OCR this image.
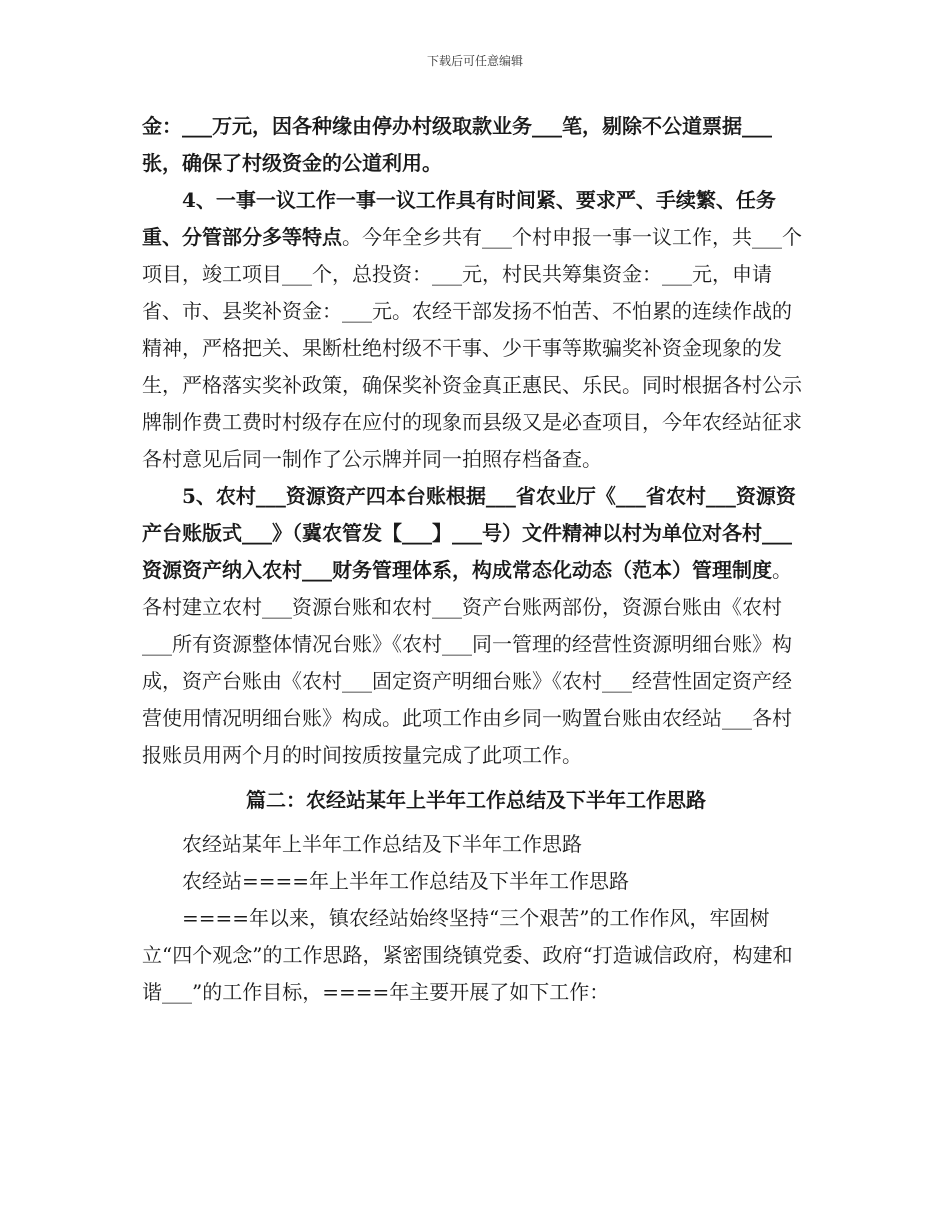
下载后可任意编辑

金：___万元，因各种缘由停办村级取款业务___笔，剔除不公道票据___张，确保了村级资金的公道利用。

4、一事一议工作一事一议工作具有时间紧、要求严、手续繁、任务重、分管部分多等特点。今年全乡共有___个村申报一事一议工作，共___个项目，竣工项目___个，总投资：___元，村民共筹集资金：___元，申请省、市、县奖补资金：___元。农经干部发扬不怕苦、不怕累的连续作战的精神，严格把关、果断杜绝村级不干事、少干事等欺骗奖补资金现象的发生，严格落实奖补政策，确保奖补资金真正惠民、乐民。同时根据各村公示牌制作费工费时村级存在应付的现象而县级又是必查项目，今年农经站征求各村意见后同一制作了公示牌并同一拍照存档备查。

5、农村___资源资产四本台账根据___省农业厅《___省农村___资源资产台账版式___》（冀农管发【___】___号）文件精神以村为单位对各村___资源资产纳入农村___财务管理体系，构成常态化动态（范本）管理制度。各村建立农村___资源台账和农村___资产台账两部份，资源台账由《农村___所有资源整体情况台账》《农村___同一管理的经营性资源明细台账》构成，资产台账由《农村___固定资产明细台账》《农村___经营性固定资产经营使用情况明细台账》构成。此项工作由乡同一购置台账由农经站___各村报账员用两个月的时间按质按量完成了此项工作。

篇二：农经站某年上半年工作总结及下半年工作思路

农经站某年上半年工作总结及下半年工作思路

农经站====年上半年工作总结及下半年工作思路

====年以来，镇农经站始终坚持“三个艰苦”的工作作风，牢固树立“四个观念”的工作思路，紧密围绕镇党委、政府“打造诚信政府，构建和谐___”的工作目标，====年主要开展了如下工作：
